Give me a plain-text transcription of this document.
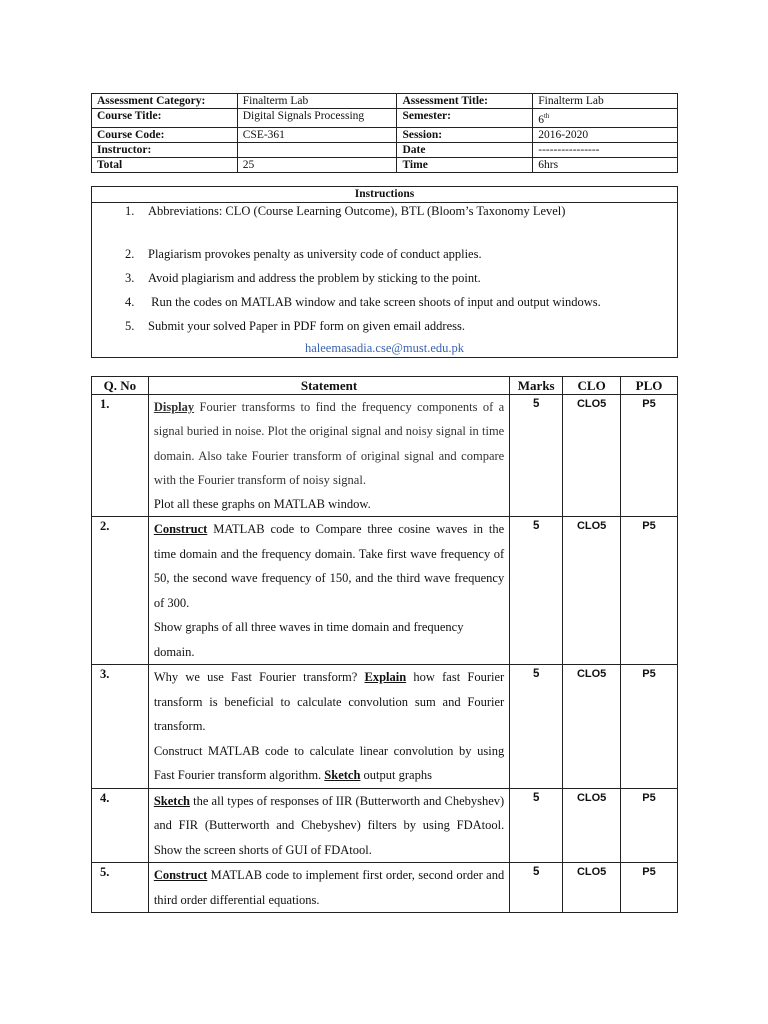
Assessment Category:	Finalterm Lab	Assessment Title:	Finalterm Lab
Course Title:	Digital Signals Processing	Semester:	6th
Course Code:	CSE-361	Session:	2016-2020
Instructor:		Date	----------------
Total	25	Time	6hrs
Instructions

1. Abbreviations: CLO (Course Learning Outcome), BTL (Bloom’s Taxonomy Level)
2. Plagiarism provokes penalty as university code of conduct applies.
3. Avoid plagiarism and address the problem by sticking to the point.
4. Run the codes on MATLAB window and take screen shoots of input and output windows.
5. Submit your solved Paper in PDF form on given email address.
haleemasadia.cse@must.edu.pk
Q. No	Statement	Marks	CLO	PLO
1.	Display Fourier transforms to find the frequency components of a signal buried in noise. Plot the original signal and noisy signal in time domain. Also take Fourier transform of original signal and compare with the Fourier transform of noisy signal.
Plot all these graphs on MATLAB window.	5	CLO5	P5
2.	Construct MATLAB code to Compare three cosine waves in the time domain and the frequency domain. Take first wave frequency of 50, the second wave frequency of 150, and the third wave frequency of 300.
Show graphs of all three waves in time domain and frequency domain.	5	CLO5	P5
3.	Why we use Fast Fourier transform? Explain how fast Fourier transform is beneficial to calculate convolution sum and Fourier transform.
Construct MATLAB code to calculate linear convolution by using Fast Fourier transform algorithm. Sketch output graphs	5	CLO5	P5
4.	Sketch the all types of responses of IIR (Butterworth and Chebyshev) and FIR (Butterworth and Chebyshev) filters by using FDAtool. Show the screen shorts of GUI of FDAtool.	5	CLO5	P5
5.	Construct MATLAB code to implement first order, second order and third order differential equations.	5	CLO5	P5
